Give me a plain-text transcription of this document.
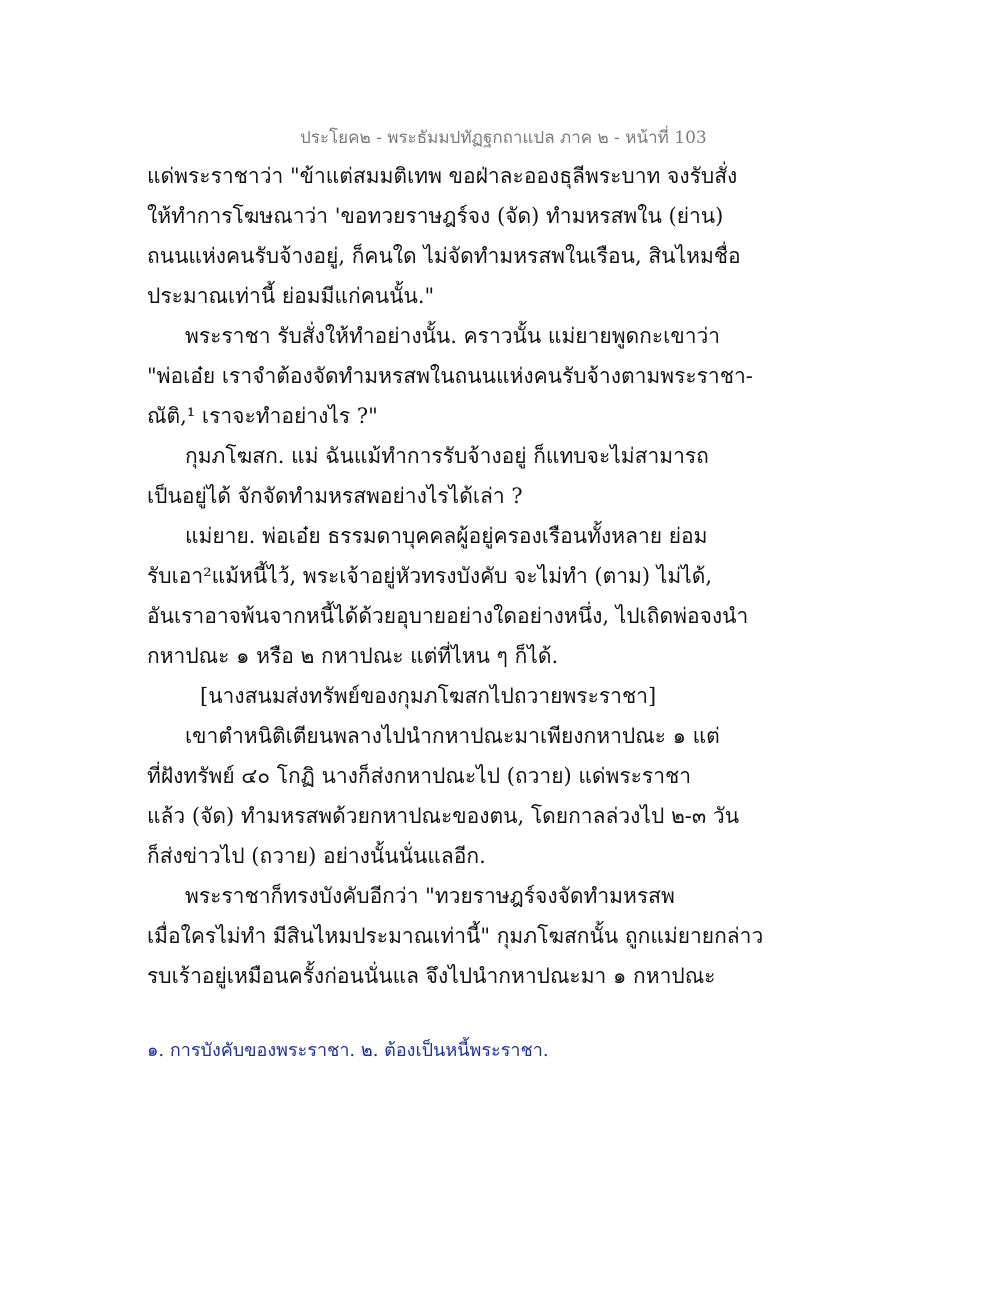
ประโยค๒ - พระธัมมปทัฏฐกถาแปล ภาค ๒ - หน้าที่ 103
แด่พระราชาว่า "ข้าแต่สมมติเทพ ขอฝ่าละอองธุลีพระบาท จงรับสั่ง
ให้ทำการโฆษณาว่า 'ขอทวยราษฎร์จง (จัด) ทำมหรสพใน (ย่าน)
ถนนแห่งคนรับจ้างอยู่, ก็คนใด ไม่จัดทำมหรสพในเรือน, สินไหมชื่อ
ประมาณเท่านี้ ย่อมมีแก่คนนั้น."
พระราชา รับสั่งให้ทำอย่างนั้น. คราวนั้น แม่ยายพูดกะเขาว่า
"พ่อเอ๋ย เราจำต้องจัดทำมหรสพในถนนแห่งคนรับจ้างตามพระราชา-
ณัติ,¹ เราจะทำอย่างไร ?"
กุมภโฆสก. แม่ ฉันแม้ทำการรับจ้างอยู่ ก็แทบจะไม่สามารถ
เป็นอยู่ได้ จักจัดทำมหรสพอย่างไรได้เล่า ?
แม่ยาย. พ่อเอ๋ย ธรรมดาบุคคลผู้อยู่ครองเรือนทั้งหลาย ย่อม
รับเอา²แม้หนี้ไว้, พระเจ้าอยู่หัวทรงบังคับ จะไม่ทำ (ตาม) ไม่ได้,
อันเราอาจพ้นจากหนี้ได้ด้วยอุบายอย่างใดอย่างหนึ่ง, ไปเถิดพ่อจงนำ
กหาปณะ ๑ หรือ ๒ กหาปณะ แต่ที่ไหน ๆ ก็ได้.
[นางสนมส่งทรัพย์ของกุมภโฆสกไปถวายพระราชา]
เขาตำหนิติเตียนพลางไปนำกหาปณะมาเพียงกหาปณะ ๑ แต่
ที่ฝังทรัพย์ ๔๐ โกฏิ นางก็ส่งกหาปณะไป (ถวาย) แด่พระราชา
แล้ว (จัด) ทำมหรสพด้วยกหาปณะของตน, โดยกาลล่วงไป ๒-๓ วัน
ก็ส่งข่าวไป (ถวาย) อย่างนั้นนั่นแลอีก.
พระราชาก็ทรงบังคับอีกว่า "ทวยราษฎร์จงจัดทำมหรสพ
เมื่อใครไม่ทำ มีสินไหมประมาณเท่านี้" กุมภโฆสกนั้น ถูกแม่ยายกล่าว
รบเร้าอยู่เหมือนครั้งก่อนนั่นแล จึงไปนำกหาปณะมา ๑ กหาปณะ
๑. การบังคับของพระราชา. ๒. ต้องเป็นหนี้พระราชา.
